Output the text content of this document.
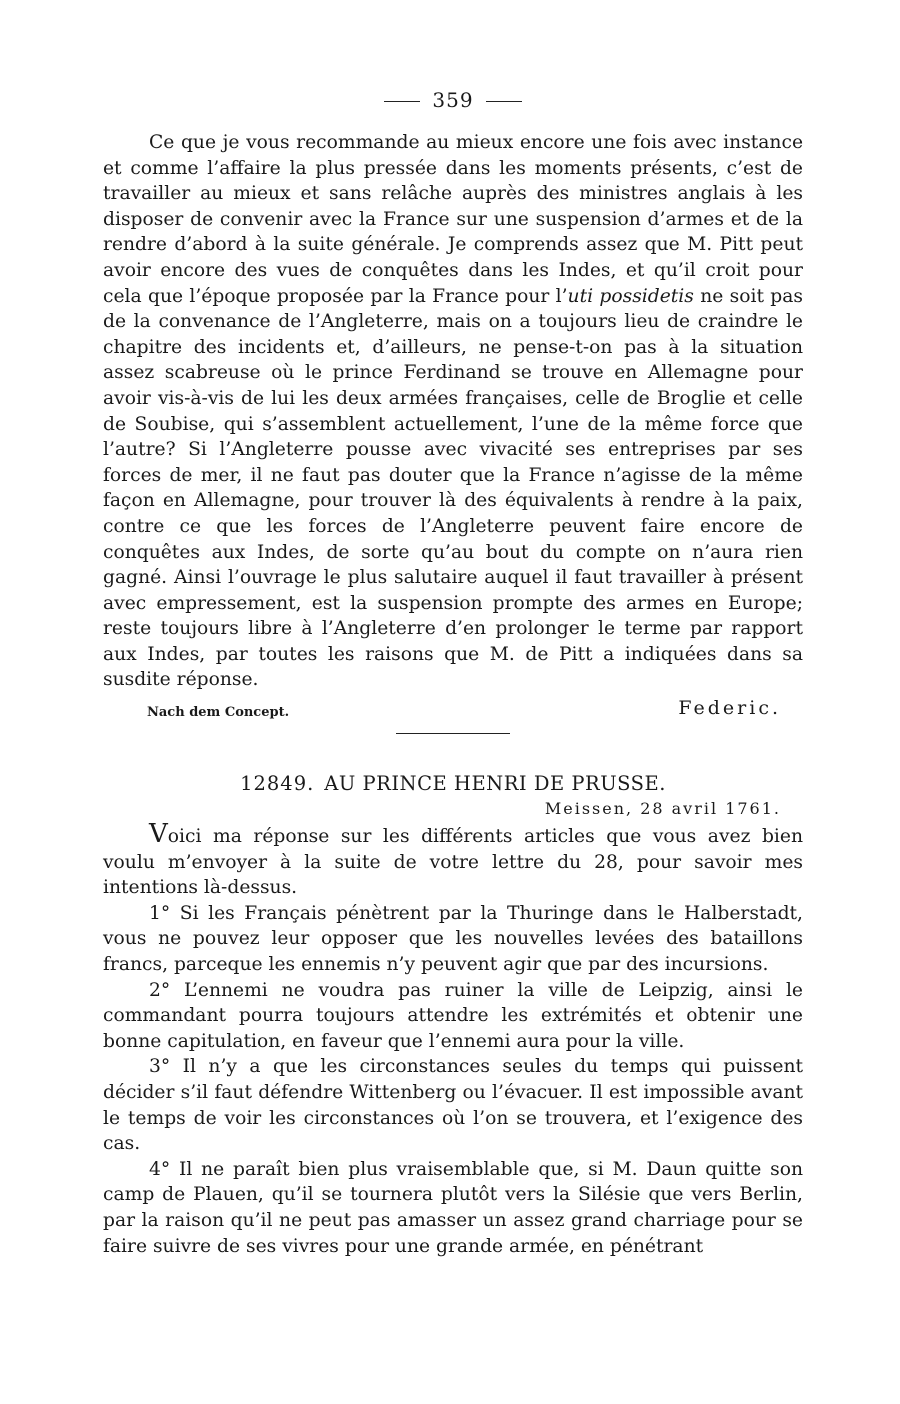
359

Ce que je vous recommande au mieux encore une fois avec instance et comme l’affaire la plus pressée dans les moments présents, c’est de travailler au mieux et sans relâche auprès des ministres anglais à les disposer de convenir avec la France sur une suspension d’armes et de la rendre d’abord à la suite générale. Je comprends assez que M. Pitt peut avoir encore des vues de conquêtes dans les Indes, et qu’il croit pour cela que l’époque proposée par la France pour l’uti possidetis ne soit pas de la convenance de l’Angleterre, mais on a toujours lieu de craindre le chapitre des incidents et, d’ailleurs, ne pense-t-on pas à la situation assez scabreuse où le prince Ferdinand se trouve en Allemagne pour avoir vis-à-vis de lui les deux armées françaises, celle de Broglie et celle de Soubise, qui s’assemblent actuellement, l’une de la même force que l’autre? Si l’Angleterre pousse avec vivacité ses entreprises par ses forces de mer, il ne faut pas douter que la France n’agisse de la même façon en Allemagne, pour trouver là des équivalents à rendre à la paix, contre ce que les forces de l’Angleterre peuvent faire encore de conquêtes aux Indes, de sorte qu’au bout du compte on n’aura rien gagné. Ainsi l’ouvrage le plus salutaire auquel il faut travailler à présent avec empressement, est la suspension prompte des armes en Europe; reste toujours libre à l’Angleterre d’en prolonger le terme par rapport aux Indes, par toutes les raisons que M. de Pitt a indiquées dans sa susdite réponse.

Nach dem Concept.	Federic.
12849. AU PRINCE HENRI DE PRUSSE.
Meissen, 28 avril 1761.

Voici ma réponse sur les différents articles que vous avez bien voulu m’envoyer à la suite de votre lettre du 28, pour savoir mes intentions là-dessus.

1° Si les Français pénètrent par la Thuringe dans le Halberstadt, vous ne pouvez leur opposer que les nouvelles levées des bataillons francs, parceque les ennemis n’y peuvent agir que par des incursions.

2° L’ennemi ne voudra pas ruiner la ville de Leipzig, ainsi le commandant pourra toujours attendre les extrémités et obtenir une bonne capitulation, en faveur que l’ennemi aura pour la ville.

3° Il n’y a que les circonstances seules du temps qui puissent décider s’il faut défendre Wittenberg ou l’évacuer. Il est impossible avant le temps de voir les circonstances où l’on se trouvera, et l’exigence des cas.

4° Il ne paraît bien plus vraisemblable que, si M. Daun quitte son camp de Plauen, qu’il se tournera plutôt vers la Silésie que vers Berlin, par la raison qu’il ne peut pas amasser un assez grand charriage pour se faire suivre de ses vivres pour une grande armée, en pénétrant
